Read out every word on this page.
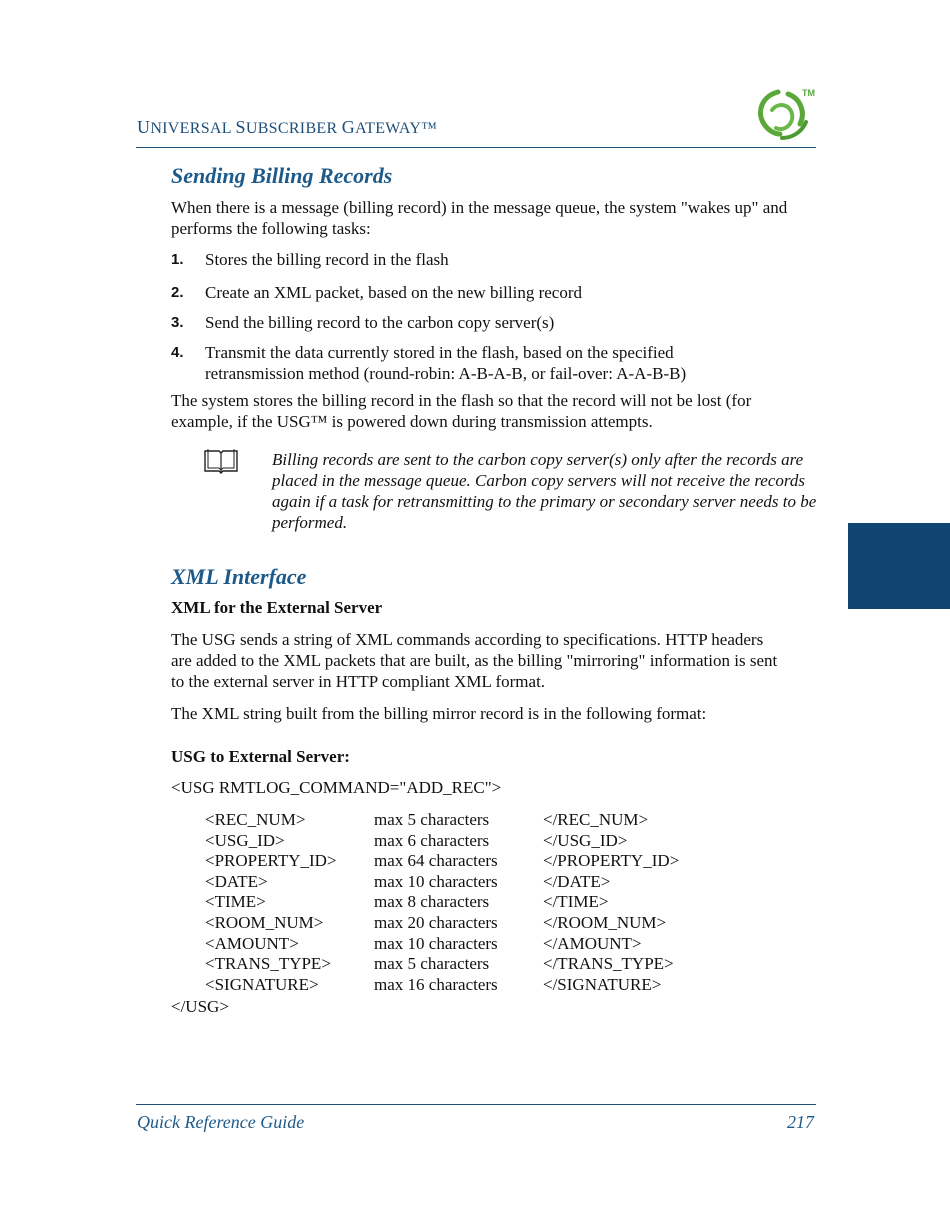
UNIVERSAL SUBSCRIBER GATEWAY™
TM
Sending Billing Records
When there is a message (billing record) in the message queue, the system "wakes up" and performs the following tasks:
1. Stores the billing record in the flash
2. Create an XML packet, based on the new billing record
3. Send the billing record to the carbon copy server(s)
4. Transmit the data currently stored in the flash, based on the specified retransmission method (round-robin: A-B-A-B, or fail-over: A-A-B-B)
The system stores the billing record in the flash so that the record will not be lost (for example, if the USG™ is powered down during transmission attempts.
Billing records are sent to the carbon copy server(s) only after the records are placed in the message queue. Carbon copy servers will not receive the records again if a task for retransmitting to the primary or secondary server needs to be performed.
XML Interface
XML for the External Server
The USG sends a string of XML commands according to specifications. HTTP headers are added to the XML packets that are built, as the billing "mirroring" information is sent to the external server in HTTP compliant XML format.
The XML string built from the billing mirror record is in the following format:
USG to External Server:
<USG RMTLOG_COMMAND="ADD_REC">
<REC_NUM>	max 5 characters	</REC_NUM>
<USG_ID>	max 6 characters	</USG_ID>
<PROPERTY_ID> max 64 characters	</PROPERTY_ID>
<DATE>	max 10 characters	</DATE>
<TIME>	max 8 characters	</TIME>
<ROOM_NUM>	max 20 characters	</ROOM_NUM>
<AMOUNT>	max 10 characters	</AMOUNT>
<TRANS_TYPE>	max 5 characters	</TRANS_TYPE>
<SIGNATURE>	max 16 characters	</SIGNATURE>
</USG>
Quick Reference Guide	217
